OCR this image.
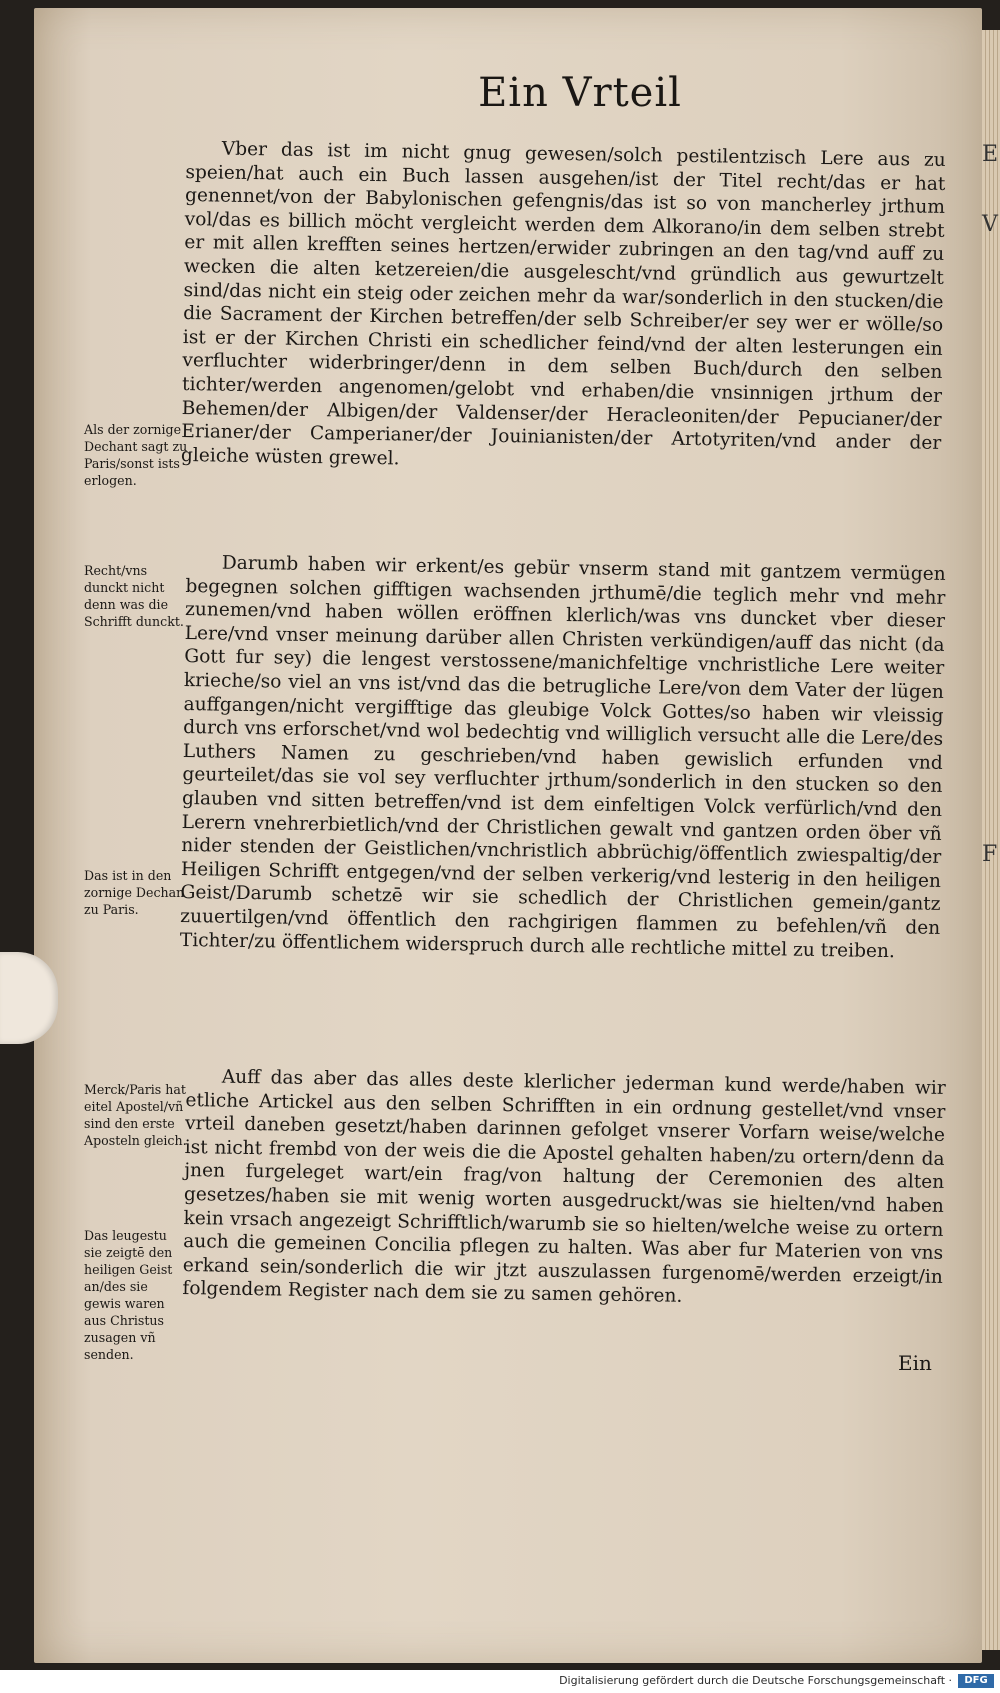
E
V
F
Ein Vrteil

Vber das ist im nicht gnug gewesen/solch pestilentzisch Lere aus zu speien/hat auch ein Buch lassen ausgehen/ist der Titel recht/das er hat genennet/von der Babylonischen gefengnis/das ist so von mancherley jrthum vol/das es billich möcht vergleicht werden dem Alkorano/in dem selben strebt er mit allen krefften seines hertzen/erwider zubringen an den tag/vnd auff zu wecken die alten ketzereien/die ausgelescht/vnd gründlich aus gewurtzelt sind/das nicht ein steig oder zeichen mehr da war/sonderlich in den stucken/die die Sacrament der Kirchen betreffen/der selb Schreiber/er sey wer er wölle/so ist er der Kirchen Christi ein schedlicher feind/vnd der alten lesterungen ein verfluchter widerbringer/denn in dem selben Buch/durch den selben tichter/werden angenomen/gelobt vnd erhaben/die vnsinnigen jrthum der Behemen/der Albigen/der Valdenser/der Heracleoniten/der Pepucianer/der Erianer/der Camperianer/der Jouinianisten/der Artotyriten/vnd ander der gleiche wüsten grewel.

Darumb haben wir erkent/es gebür vnserm stand mit gantzem vermügen begegnen solchen gifftigen wachsenden jrthumē/die teglich mehr vnd mehr zunemen/vnd haben wöllen eröffnen klerlich/was vns duncket vber dieser Lere/vnd vnser meinung darüber allen Christen verkündigen/auff das nicht (da Gott fur sey) die lengest verstossene/manichfeltige vnchristliche Lere weiter krieche/so viel an vns ist/vnd das die betrugliche Lere/von dem Vater der lügen auffgangen/nicht vergifftige das gleubige Volck Gottes/so haben wir vleissig durch vns erforschet/vnd wol bedechtig vnd williglich versucht alle die Lere/des Luthers Namen zu geschrieben/vnd haben gewislich erfunden vnd geurteilet/das sie vol sey verfluchter jrthum/sonderlich in den stucken so den glauben vnd sitten betreffen/vnd ist dem einfeltigen Volck verfürlich/vnd den Lerern vnehrerbietlich/vnd der Christlichen gewalt vnd gantzen orden öber vñ nider stenden der Geistlichen/vnchristlich abbrüchig/öffentlich zwiespaltig/der Heiligen Schrifft entgegen/vnd der selben verkerig/vnd lesterig in den heiligen Geist/Darumb schetzē wir sie schedlich der Christlichen gemein/gantz zuuertilgen/vnd öffentlich den rachgirigen flammen zu befehlen/vñ den Tichter/zu öffentlichem widerspruch durch alle rechtliche mittel zu treiben.

Auff das aber das alles deste klerlicher jederman kund werde/haben wir etliche Artickel aus den selben Schrifften in ein ordnung gestellet/vnd vnser vrteil daneben gesetzt/haben darinnen gefolget vnserer Vorfarn weise/welche ist nicht frembd von der weis die die Apostel gehalten haben/zu ortern/denn da jnen furgeleget wart/ein frag/von haltung der Ceremonien des alten gesetzes/haben sie mit wenig worten ausgedruckt/was sie hielten/vnd haben kein vrsach angezeigt Schrifftlich/warumb sie so hielten/welche weise zu ortern auch die gemeinen Concilia pflegen zu halten. Was aber fur Materien von vns erkand sein/sonderlich die wir jtzt auszulassen furgenomē/werden erzeigt/in folgendem Register nach dem sie zu samen gehören.

Als der zornige Dechant sagt zu Paris/sonst ists erlogen.
Recht/vns dunckt nicht denn was die Schrifft dunckt.
Das ist in den zornige Dechan zu Paris.
Merck/Paris hat eitel Apostel/vñ sind den erste Aposteln gleich.
Das leugestu sie zeigtē den heiligen Geist an/des sie gewis waren aus Christus zusagen vñ senden.	Ein
Digitalisierung gefördert durch die Deutsche Forschungsgemeinschaft ·	DFG
